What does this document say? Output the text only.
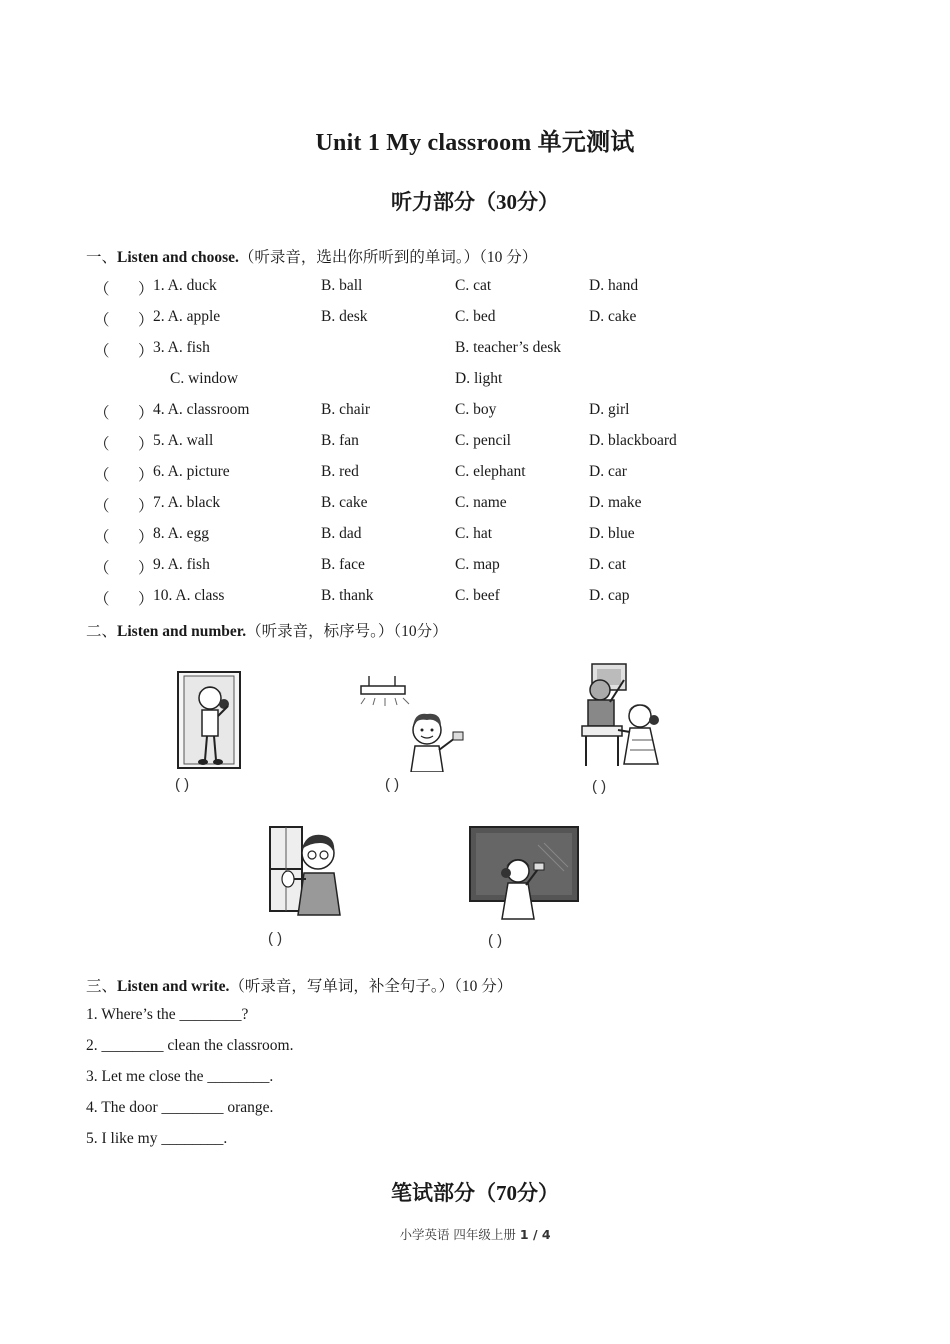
Unit 1 My classroom 单元测试
听力部分（30分）
一、Listen and choose.（听录音，选出你所听到的单词。）（10 分）
（ ） 1. A. duck	B. ball	C. cat	D. hand
（ ） 2. A. apple	B. desk	C. bed	D. cake
（ ） 3. A. fish	B. teacher’s desk
C. window	D. light
（ ） 4. A. classroom	B. chair	C. boy	D. girl
（ ） 5. A. wall	B. fan	C. pencil	D. blackboard
（ ） 6. A. picture	B. red	C. elephant	D. car
（ ） 7. A. black	B. cake	C. name	D. make
（ ） 8. A. egg	B. dad	C. hat	D. blue
（ ） 9. A. fish	B. face	C. map	D. cat
（ ） 10. A. class	B. thank	C. beef	D. cap
二、Listen and number.（听录音，标序号。）（10分）
( )	( )	( )
( )	( )
三、Listen and write.（听录音，写单词，补全句子。）（10 分）
1. Where’s the ________?
2. ________ clean the classroom.
3. Let me close the ________.
4. The door ________ orange.
5. I like my ________.
笔试部分（70分）
小学英语 四年级上册 1 / 4
